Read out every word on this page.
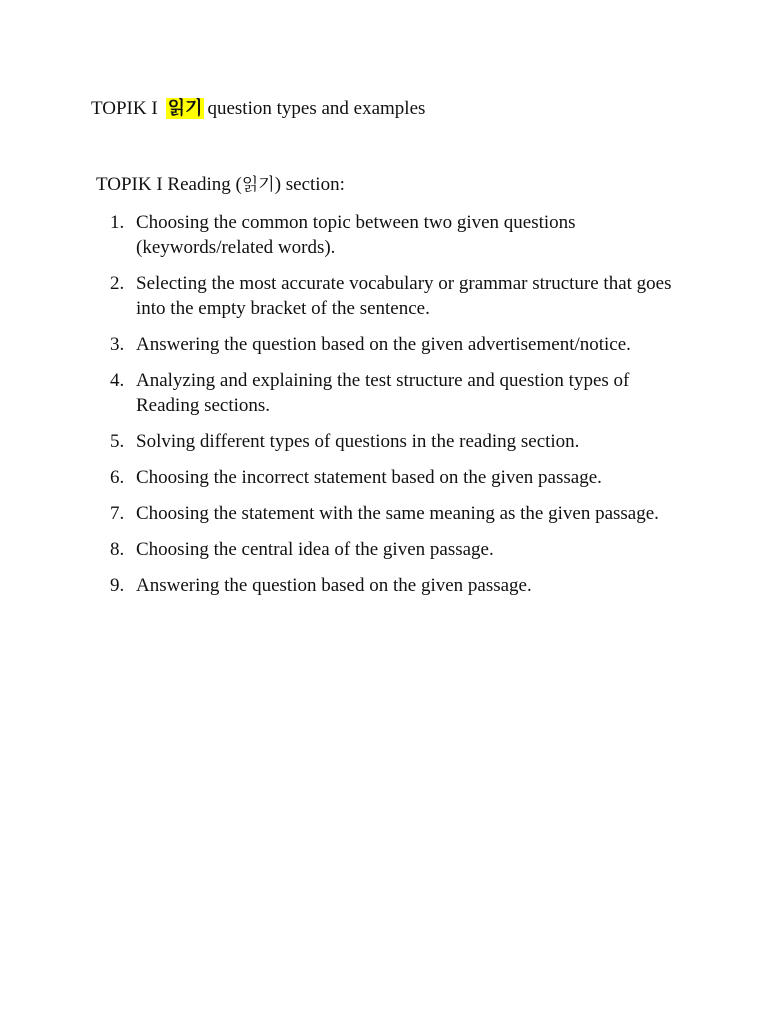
TOPIK I 읽기 question types and examples
TOPIK I Reading (읽기) section:
1. Choosing the common topic between two given questions (keywords/related words).
2. Selecting the most accurate vocabulary or grammar structure that goes into the empty bracket of the sentence.
3. Answering the question based on the given advertisement/notice.
4. Analyzing and explaining the test structure and question types of Reading sections.
5. Solving different types of questions in the reading section.
6. Choosing the incorrect statement based on the given passage.
7. Choosing the statement with the same meaning as the given passage.
8. Choosing the central idea of the given passage.
9. Answering the question based on the given passage.
